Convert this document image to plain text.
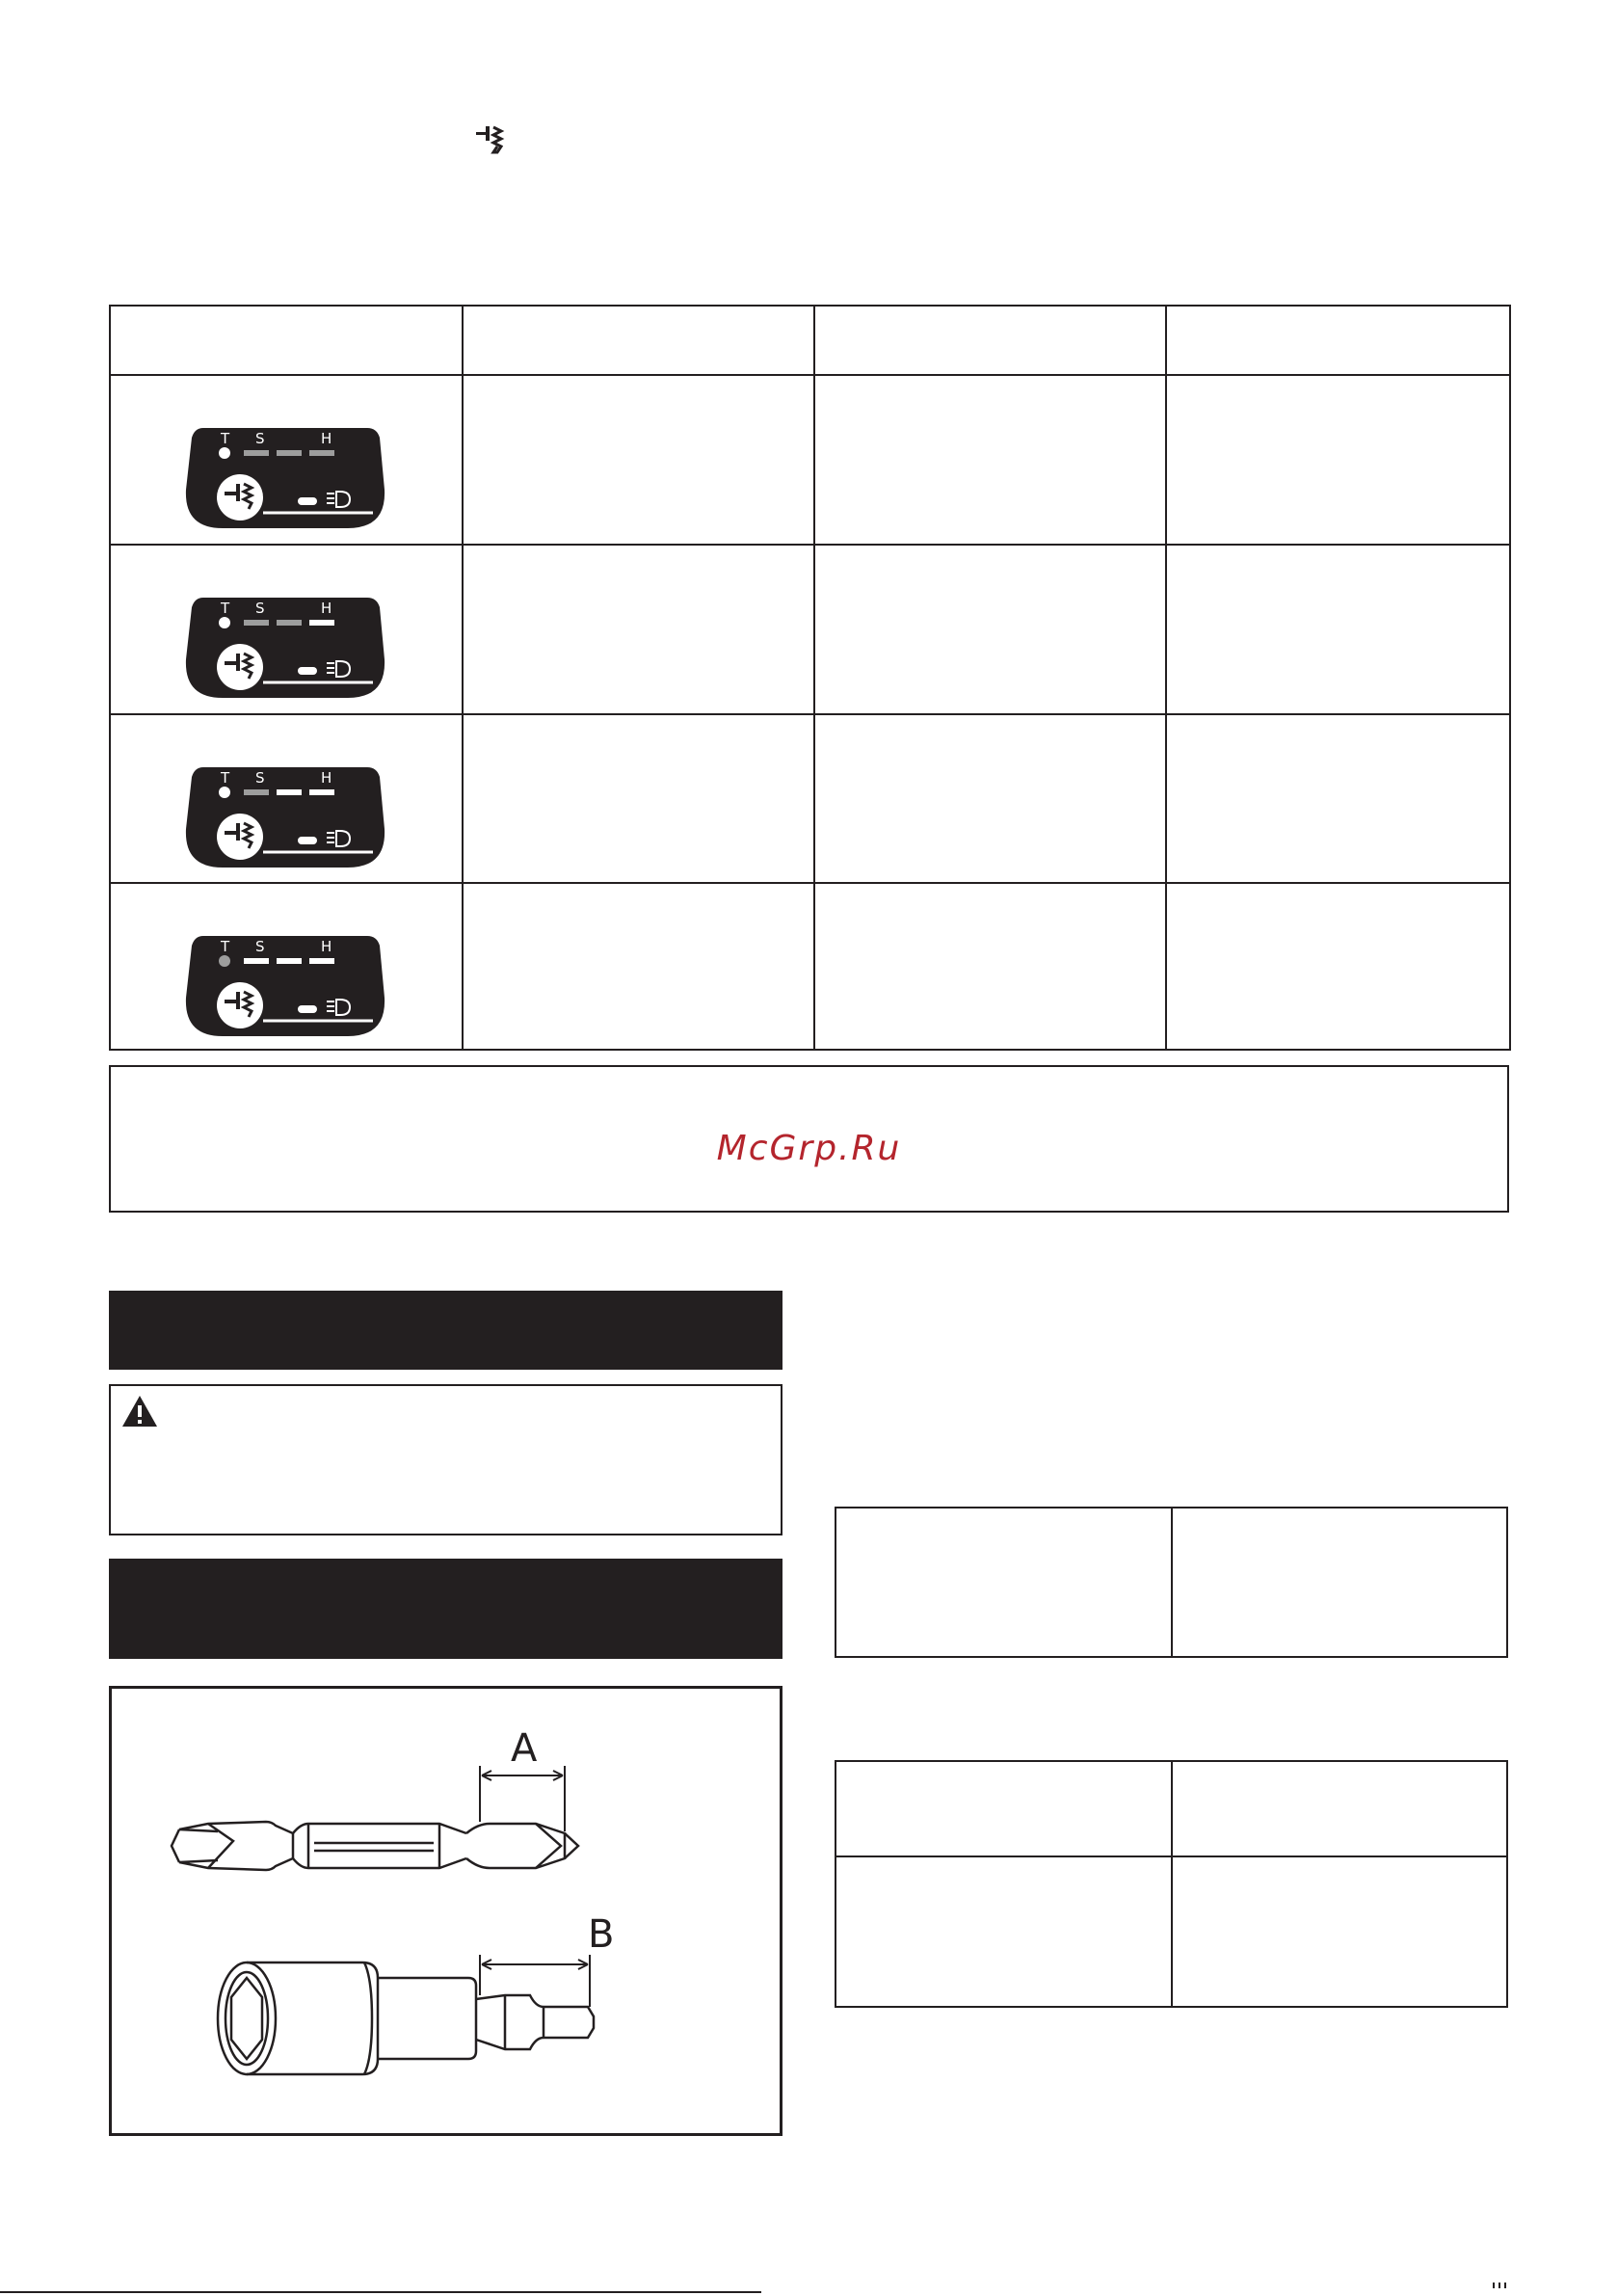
T S	H
T S	H
T S	H
T S	H
McGrp.Ru
A
B
